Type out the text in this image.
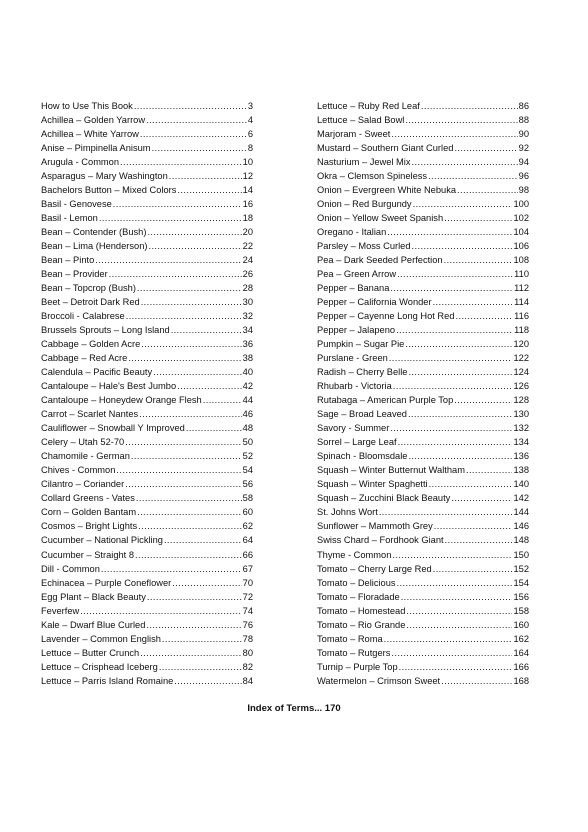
How to Use This Book .....	3
Achillea – Golden Yarrow .....	4
Achillea – White Yarrow .....	6
Anise – Pimpinella Anisum .....	8
Arugula - Common .....	10
Asparagus – Mary Washington .....	12
Bachelors Button – Mixed Colors .....	14
Basil - Genovese .....	16
Basil - Lemon .....	18
Bean – Contender (Bush) .....	20
Bean – Lima (Henderson) .....	22
Bean – Pinto .....	24
Bean – Provider .....	26
Bean – Topcrop (Bush) .....	28
Beet – Detroit Dark Red .....	30
Broccoli - Calabrese .....	32
Brussels Sprouts – Long Island .....	34
Cabbage – Golden Acre .....	36
Cabbage – Red Acre .....	38
Calendula – Pacific Beauty .....	40
Cantaloupe – Hale's Best Jumbo .....	42
Cantaloupe – Honeydew Orange Flesh .....	44
Carrot – Scarlet Nantes .....	46
Cauliflower – Snowball Y Improved .....	48
Celery – Utah 52-70 .....	50
Chamomile - German .....	52
Chives - Common .....	54
Cilantro – Coriander .....	56
Collard Greens - Vates .....	58
Corn – Golden Bantam .....	60
Cosmos – Bright Lights .....	62
Cucumber – National Pickling .....	64
Cucumber – Straight 8 .....	66
Dill - Common .....	67
Echinacea – Purple Coneflower .....	70
Egg Plant – Black Beauty .....	72
Feverfew .....	74
Kale – Dwarf Blue Curled .....	76
Lavender – Common English .....	78
Lettuce – Butter Crunch .....	80
Lettuce – Crisphead Iceberg .....	82
Lettuce – Parris Island Romaine .....	84
Lettuce – Ruby Red Leaf .....	86
Lettuce – Salad Bowl .....	88
Marjoram - Sweet .....	90
Mustard – Southern Giant Curled .....	92
Nasturium – Jewel Mix .....	94
Okra – Clemson Spineless .....	96
Onion – Evergreen White Nebuka .....	98
Onion – Red Burgundy .....	100
Onion – Yellow Sweet Spanish .....	102
Oregano - Italian .....	104
Parsley – Moss Curled .....	106
Pea – Dark Seeded Perfection .....	108
Pea – Green Arrow .....	110
Pepper – Banana .....	112
Pepper – California Wonder .....	114
Pepper – Cayenne Long Hot Red .....	116
Pepper – Jalapeno .....	118
Pumpkin – Sugar Pie .....	120
Purslane - Green .....	122
Radish – Cherry Belle .....	124
Rhubarb - Victoria .....	126
Rutabaga – American Purple Top .....	128
Sage – Broad Leaved .....	130
Savory - Summer .....	132
Sorrel – Large Leaf .....	134
Spinach - Bloomsdale .....	136
Squash – Winter Butternut Waltham .....	138
Squash – Winter Spaghetti .....	140
Squash – Zucchini Black Beauty .....	142
St. Johns Wort .....	144
Sunflower – Mammoth Grey .....	146
Swiss Chard – Fordhook Giant .....	148
Thyme - Common .....	150
Tomato – Cherry Large Red .....	152
Tomato – Delicious .....	154
Tomato – Floradade .....	156
Tomato – Homestead .....	158
Tomato – Rio Grande .....	160
Tomato – Roma .....	162
Tomato – Rutgers .....	164
Turnip – Purple Top .....	166
Watermelon – Crimson Sweet .....	168
Index of Terms... 170
